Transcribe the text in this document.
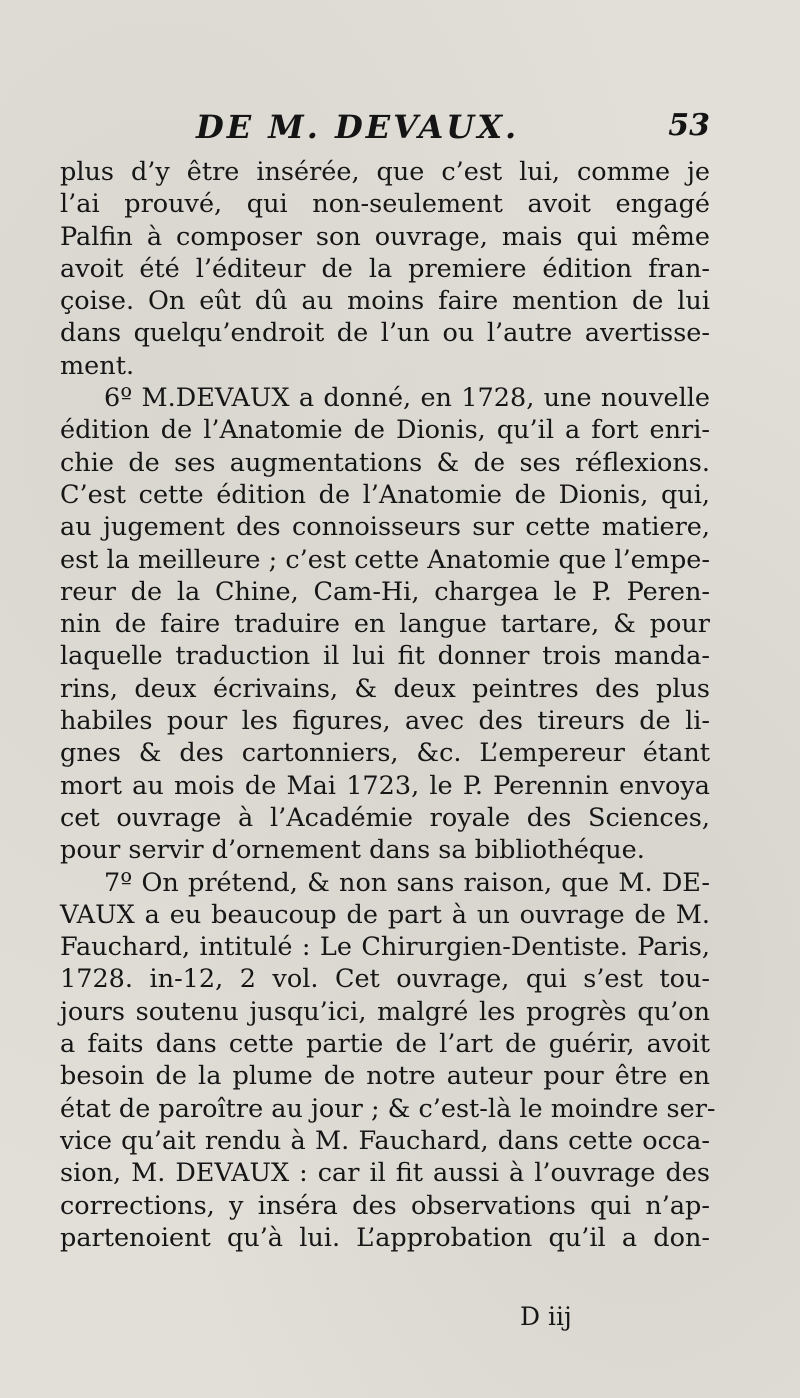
DE M. DEVAUX.	53
plus d’y être insérée, que c’est lui, comme je
l’ai prouvé, qui non-seulement avoit engagé
Palfin à composer son ouvrage, mais qui même
avoit été l’éditeur de la premiere édition fran-
çoise. On eût dû au moins faire mention de lui
dans quelqu’endroit de l’un ou l’autre avertisse-
ment.
6º M.DEVAUX a donné, en 1728, une nouvelle
édition de l’Anatomie de Dionis, qu’il a fort enri-
chie de ses augmentations & de ses réflexions.
C’est cette édition de l’Anatomie de Dionis, qui,
au jugement des connoisseurs sur cette matiere,
est la meilleure ; c’est cette Anatomie que l’empe-
reur de la Chine, Cam-Hi, chargea le P. Peren-
nin de faire traduire en langue tartare, & pour
laquelle traduction il lui fit donner trois manda-
rins, deux écrivains, & deux peintres des plus
habiles pour les figures, avec des tireurs de li-
gnes & des cartonniers, &c. L’empereur étant
mort au mois de Mai 1723, le P. Perennin envoya
cet ouvrage à l’Académie royale des Sciences,
pour servir d’ornement dans sa bibliothéque.
7º On prétend, & non sans raison, que M. DE-
VAUX a eu beaucoup de part à un ouvrage de M.
Fauchard, intitulé : Le Chirurgien-Dentiste. Paris,
1728. in-12, 2 vol. Cet ouvrage, qui s’est tou-
jours soutenu jusqu’ici, malgré les progrès qu’on
a faits dans cette partie de l’art de guérir, avoit
besoin de la plume de notre auteur pour être en
état de paroître au jour ; & c’est-là le moindre ser-
vice qu’ait rendu à M. Fauchard, dans cette occa-
sion, M. DEVAUX : car il fit aussi à l’ouvrage des
corrections, y inséra des observations qui n’ap-
partenoient qu’à lui. L’approbation qu’il a don-
D iij
